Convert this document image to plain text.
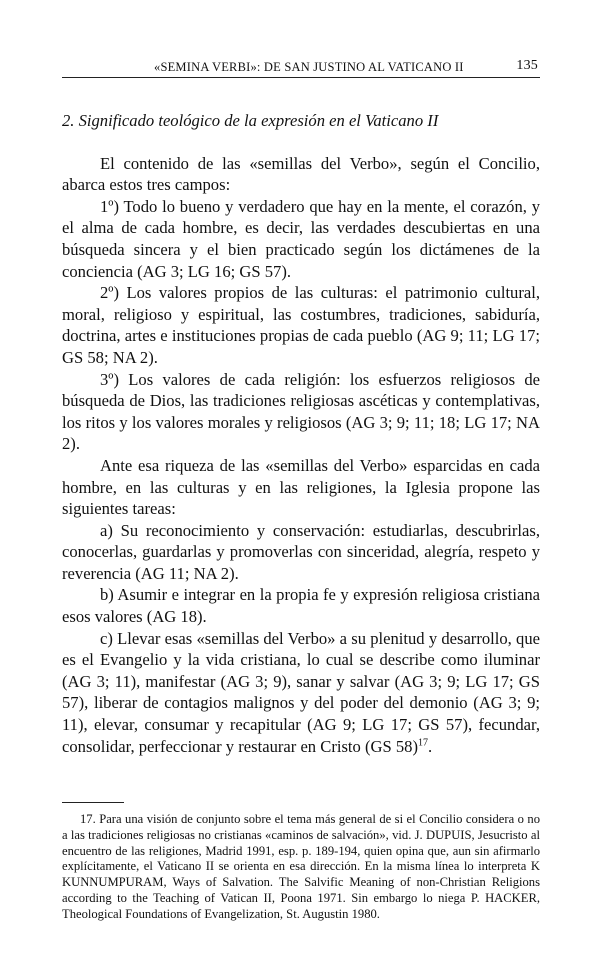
«SEMINA VERBI»: DE SAN JUSTINO AL VATICANO II	135

2. Significado teológico de la expresión en el Vaticano II

El contenido de las «semillas del Verbo», según el Concilio, abarca estos tres campos:

1º) Todo lo bueno y verdadero que hay en la mente, el corazón, y el alma de cada hombre, es decir, las verdades descubiertas en una búsqueda sincera y el bien practicado según los dictámenes de la conciencia (AG 3; LG 16; GS 57).

2º) Los valores propios de las culturas: el patrimonio cultural, moral, religioso y espiritual, las costumbres, tradiciones, sabiduría, doctrina, artes e instituciones propias de cada pueblo (AG 9; 11; LG 17; GS 58; NA 2).

3º) Los valores de cada religión: los esfuerzos religiosos de búsqueda de Dios, las tradiciones religiosas ascéticas y contemplativas, los ritos y los valores morales y religiosos (AG 3; 9; 11; 18; LG 17; NA 2).

Ante esa riqueza de las «semillas del Verbo» esparcidas en cada hombre, en las culturas y en las religiones, la Iglesia propone las siguientes tareas:

a) Su reconocimiento y conservación: estudiarlas, descubrirlas, conocerlas, guardarlas y promoverlas con sinceridad, alegría, respeto y reverencia (AG 11; NA 2).

b) Asumir e integrar en la propia fe y expresión religiosa cristiana esos valores (AG 18).

c) Llevar esas «semillas del Verbo» a su plenitud y desarrollo, que es el Evangelio y la vida cristiana, lo cual se describe como iluminar (AG 3; 11), manifestar (AG 3; 9), sanar y salvar (AG 3; 9; LG 17; GS 57), liberar de contagios malignos y del poder del demonio (AG 3; 9; 11), elevar, consumar y recapitular (AG 9; LG 17; GS 57), fecundar, consolidar, perfeccionar y restaurar en Cristo (GS 58)$^{17}$.

17. Para una visión de conjunto sobre el tema más general de si el Concilio considera o no a las tradiciones religiosas no cristianas «caminos de salvación», vid. J. DUPUIS, Jesucristo al encuentro de las religiones, Madrid 1991, esp. p. 189-194, quien opina que, aun sin afirmarlo explícitamente, el Vaticano II se orienta en esa dirección. En la misma línea lo interpreta K KUNNUMPURAM, Ways of Salvation. The Salvific Meaning of non-Christian Religions according to the Teaching of Vatican II, Poona 1971. Sin embargo lo niega P. HACKER, Theological Foundations of Evangelization, St. Augustin 1980.
